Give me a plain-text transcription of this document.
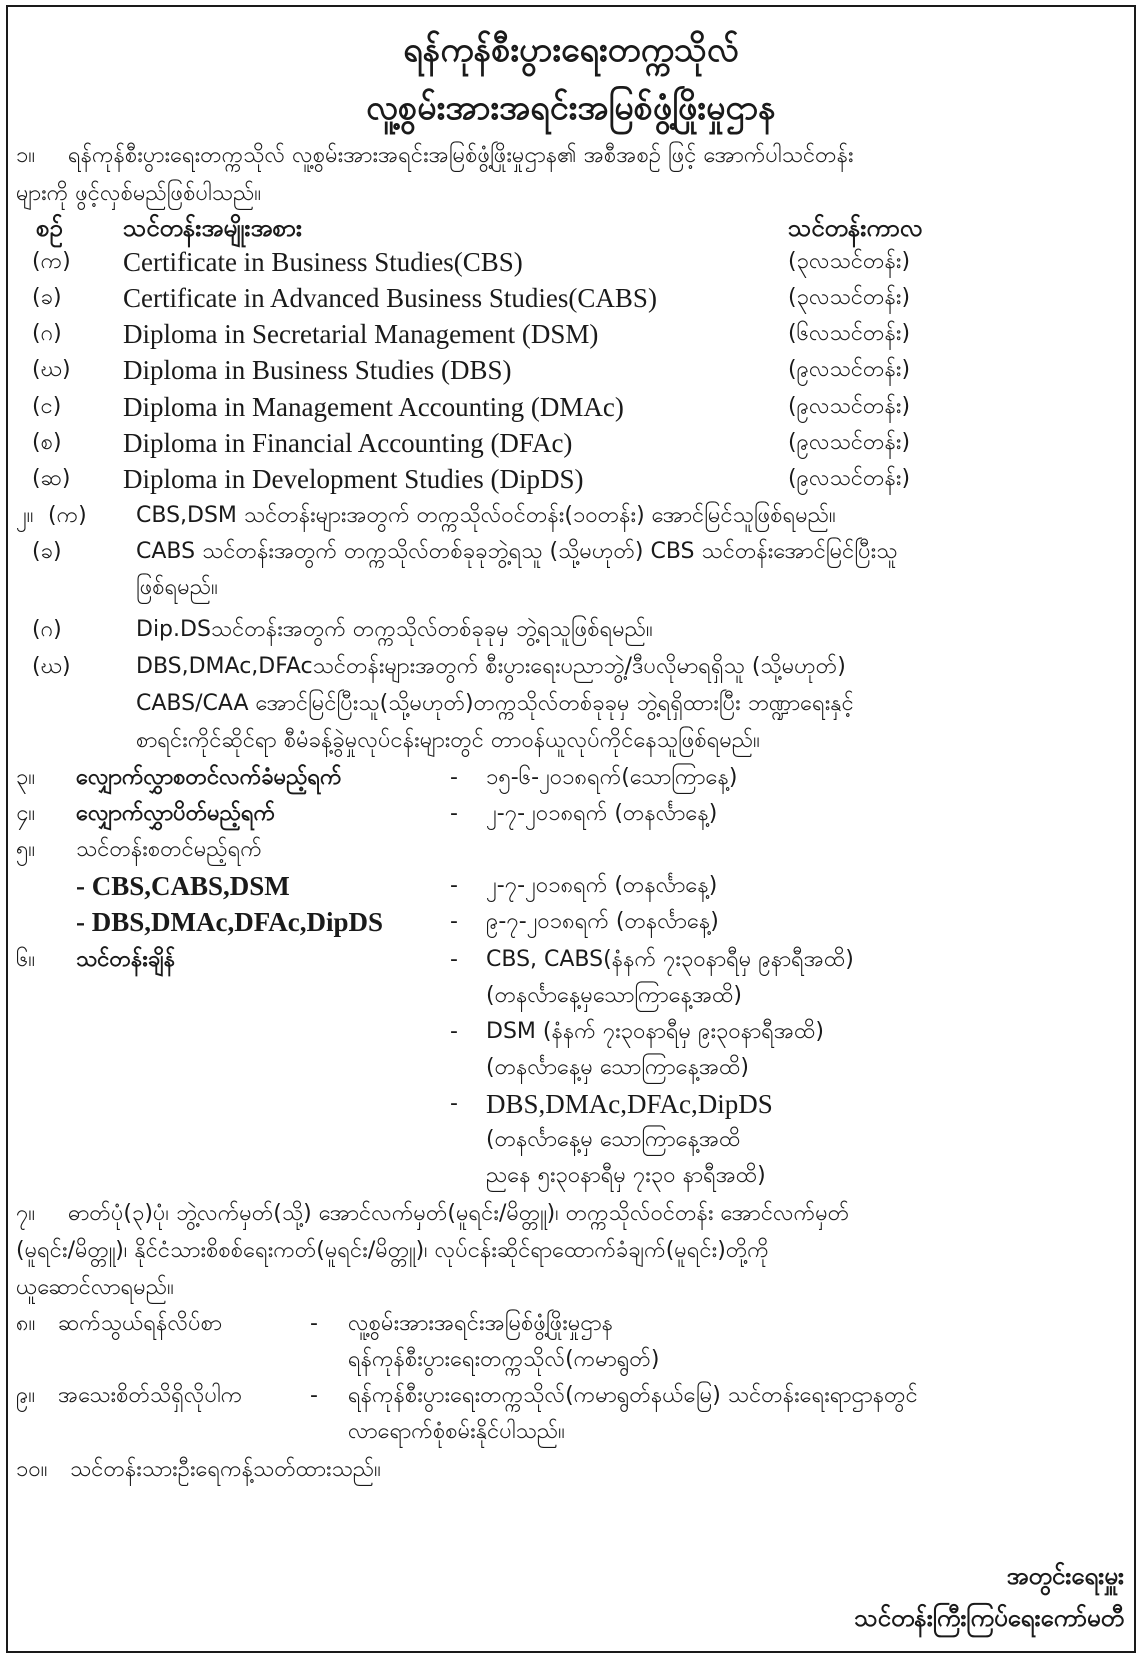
ရန်ကုန်စီးပွားရေးတက္ကသိုလ်
လူ့စွမ်းအားအရင်းအမြစ်ဖွံ့ဖြိုးမှုဌာန
၁။ ရန်ကုန်စီးပွားရေးတက္ကသိုလ် လူ့စွမ်းအားအရင်းအမြစ်ဖွံ့ဖြိုးမှုဌာန၏ အစီအစဉ် ဖြင့် အောက်ပါသင်တန်း
များကို ဖွင့်လှစ်မည်ဖြစ်ပါသည်။
စဉ်	သင်တန်းအမျိုးအစား	သင်တန်းကာလ
(က) Certificate in Business Studies(CBS)	(၃လသင်တန်း)
(ခ) Certificate in Advanced Business Studies(CABS)	(၃လသင်တန်း)
(ဂ) Diploma in Secretarial Management (DSM)	(၆လသင်တန်း)
(ဃ) Diploma in Business Studies (DBS)	(၉လသင်တန်း)
(င) Diploma in Management Accounting (DMAc)	(၉လသင်တန်း)
(စ) Diploma in Financial Accounting (DFAc)	(၉လသင်တန်း)
(ဆ) Diploma in Development Studies (DipDS)	(၉လသင်တန်း)
၂။ (က) CBS,DSM သင်တန်းများအတွက် တက္ကသိုလ်ဝင်တန်း(၁၀တန်း) အောင်မြင်သူဖြစ်ရမည်။
(ခ)	CABS သင်တန်းအတွက် တက္ကသိုလ်တစ်ခုခုဘွဲ့ရသူ (သို့မဟုတ်) CBS သင်တန်းအောင်မြင်ပြီးသူ
ဖြစ်ရမည်။
(ဂ)	Dip.DSသင်တန်းအတွက် တက္ကသိုလ်တစ်ခုခုမှ ဘွဲ့ရသူဖြစ်ရမည်။
(ဃ)	DBS,DMAc,DFAcသင်တန်းများအတွက် စီးပွားရေးပညာဘွဲ့/ဒီပလိုမာရရှိသူ (သို့မဟုတ်)
CABS/CAA အောင်မြင်ပြီးသူ(သို့မဟုတ်)တက္ကသိုလ်တစ်ခုခုမှ ဘွဲ့ရရှိထားပြီး ဘဏ္ဍာရေးနှင့်
စာရင်းကိုင်ဆိုင်ရာ စီမံခန့်ခွဲမှုလုပ်ငန်းများတွင် တာဝန်ယူလုပ်ကိုင်နေသူဖြစ်ရမည်။
၃။ လျှောက်လွှာစတင်လက်ခံမည့်ရက်	- ၁၅-၆-၂၀၁၈ရက်(သောကြာနေ့)
၄။ လျှောက်လွှာပိတ်မည့်ရက်	- ၂-၇-၂၀၁၈ရက် (တနင်္လာနေ့)
၅။ သင်တန်းစတင်မည့်ရက်
- CBS,CABS,DSM	- ၂-၇-၂၀၁၈ရက် (တနင်္လာနေ့)
- DBS,DMAc,DFAc,DipDS	- ၉-၇-၂၀၁၈ရက် (တနင်္လာနေ့)
၆။ သင်တန်းချိန်	- CBS, CABS(နံနက် ၇း၃၀နာရီမှ ၉နာရီအထိ)
(တနင်္လာနေ့မှသောကြာနေ့အထိ)
- DSM (နံနက် ၇း၃၀နာရီမှ ၉း၃၀နာရီအထိ)
(တနင်္လာနေ့မှ သောကြာနေ့အထိ)
- DBS,DMAc,DFAc,DipDS
(တနင်္လာနေ့မှ သောကြာနေ့အထိ
ညနေ ၅း၃၀နာရီမှ ၇း၃၀ နာရီအထိ)
၇။ ဓာတ်ပုံ(၃)ပုံ၊ ဘွဲ့လက်မှတ်(သို့) အောင်လက်မှတ်(မူရင်း/မိတ္တူ)၊ တက္ကသိုလ်ဝင်တန်း အောင်လက်မှတ်
(မူရင်း/မိတ္တူ)၊ နိုင်ငံသားစိစစ်ရေးကတ်(မူရင်း/မိတ္တူ)၊ လုပ်ငန်းဆိုင်ရာထောက်ခံချက်(မူရင်း)တို့ကို
ယူဆောင်လာရမည်။
၈။ ဆက်သွယ်ရန်လိပ်စာ	- လူ့စွမ်းအားအရင်းအမြစ်ဖွံ့ဖြိုးမှုဌာန
ရန်ကုန်စီးပွားရေးတက္ကသိုလ်(ကမာရွတ်)
၉။ အသေးစိတ်သိရှိလိုပါက	- ရန်ကုန်စီးပွားရေးတက္ကသိုလ်(ကမာရွတ်နယ်မြေ) သင်တန်းရေးရာဌာနတွင်
လာရောက်စုံစမ်းနိုင်ပါသည်။
၁၀။ သင်တန်းသားဦးရေကန့်သတ်ထားသည်။
အတွင်းရေးမှူး
သင်တန်းကြီးကြပ်ရေးကော်မတီ
